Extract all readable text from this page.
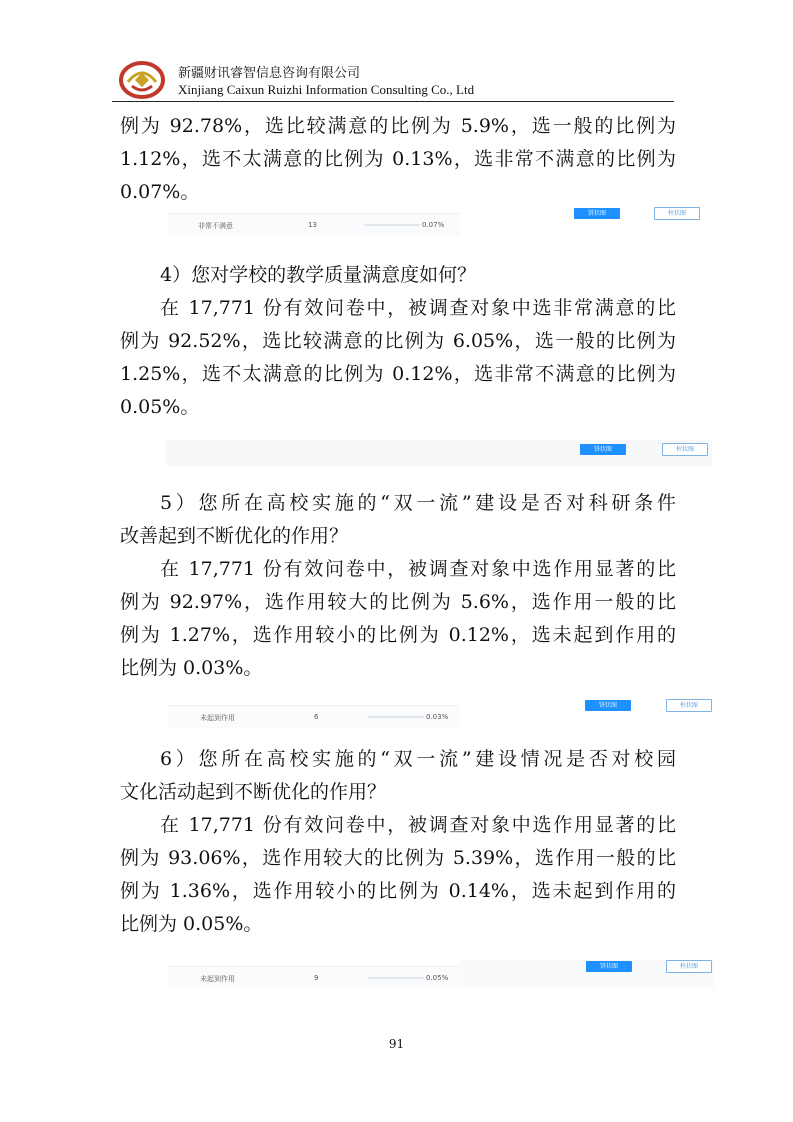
新疆财讯睿智信息咨询有限公司
Xinjiang Caixun Ruizhi Information Consulting Co., Ltd

例为 92.78%，选比较满意的比例为 5.9%，选一般的比例为

1.12%，选不太满意的比例为 0.13%，选非常不满意的比例为

0.07%。

非常不满意	13	0.07%
饼状图	柱状图

4）您对学校的教学质量满意度如何？

在 17,771 份有效问卷中，被调查对象中选非常满意的比

例为 92.52%，选比较满意的比例为 6.05%，选一般的比例为

1.25%，选不太满意的比例为 0.12%，选非常不满意的比例为

0.05%。

饼状图	柱状图

5）您所在高校实施的“双一流”建设是否对科研条件

改善起到不断优化的作用？

在 17,771 份有效问卷中，被调查对象中选作用显著的比

例为 92.97%，选作用较大的比例为 5.6%，选作用一般的比

例为 1.27%，选作用较小的比例为 0.12%，选未起到作用的

比例为 0.03%。

未起到作用	6	0.03%
饼状图	柱状图

6）您所在高校实施的“双一流”建设情况是否对校园

文化活动起到不断优化的作用？

在 17,771 份有效问卷中，被调查对象中选作用显著的比

例为 93.06%，选作用较大的比例为 5.39%，选作用一般的比

例为 1.36%，选作用较小的比例为 0.14%，选未起到作用的

比例为 0.05%。

未起到作用	9	0.05%
饼状图	柱状图
91
